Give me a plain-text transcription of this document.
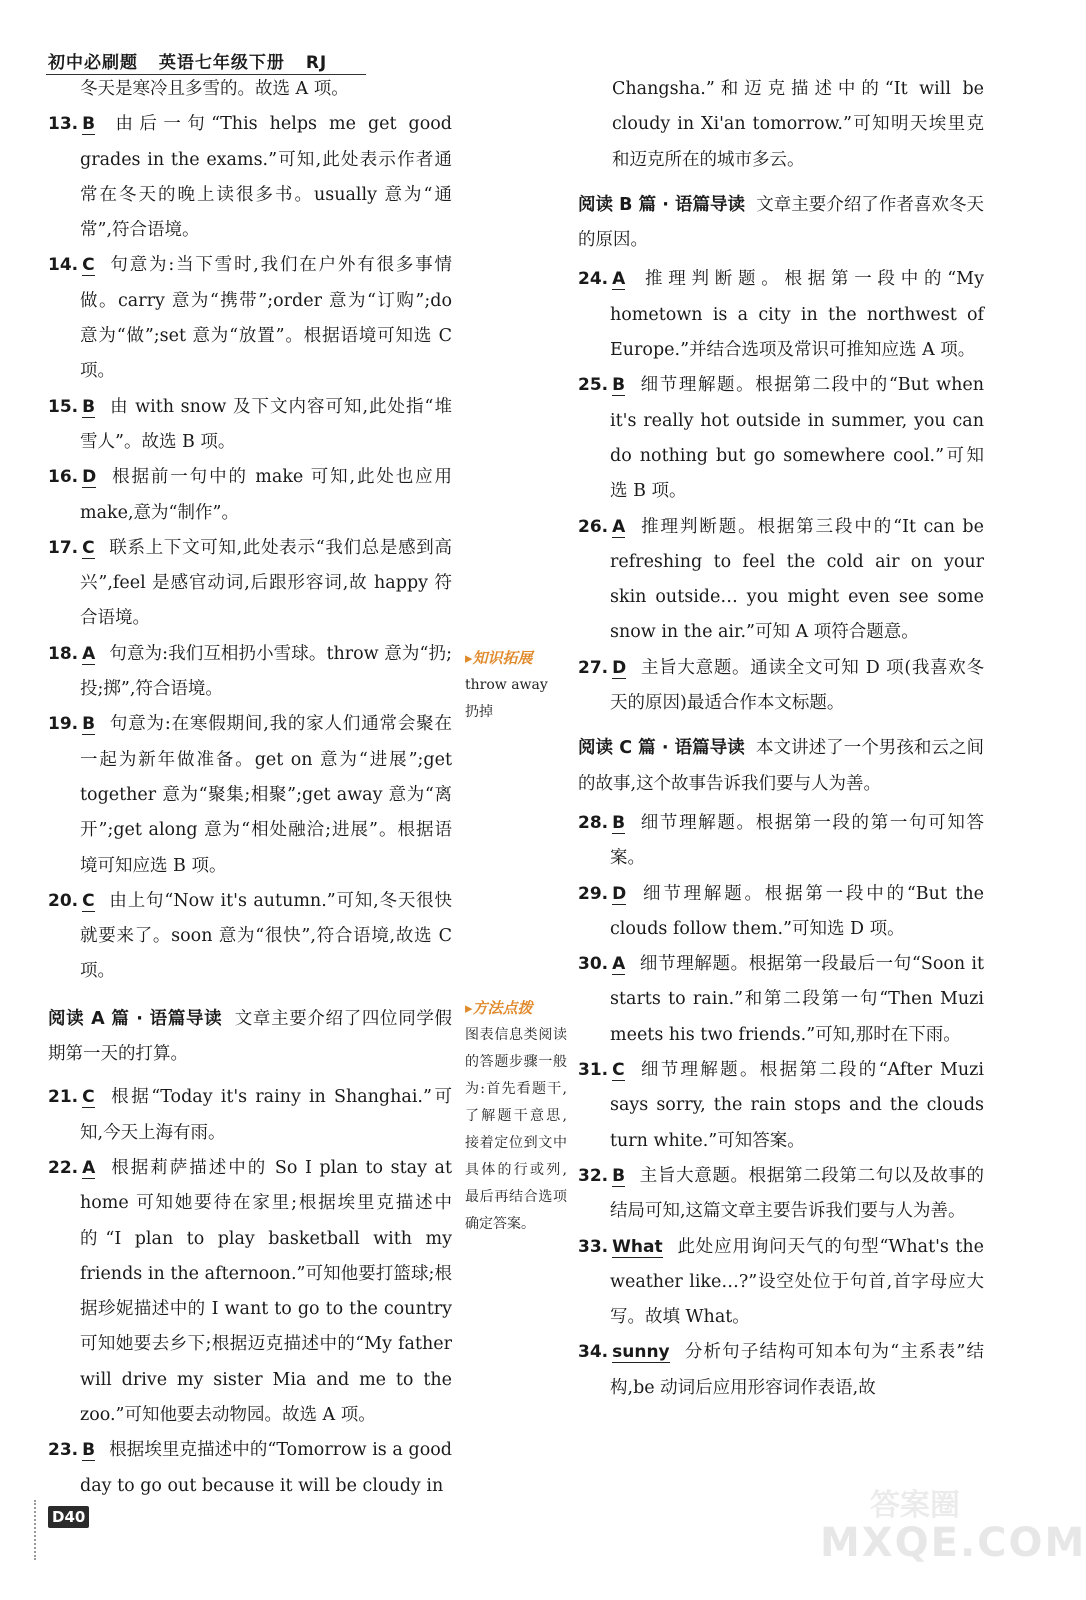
初中必刷题 英语七年级下册 RJ

冬天是寒冷且多雪的。故选 A 项。

13. B 由后一句“This helps me get good grades in the exams.”可知,此处表示作者通常在冬天的晚上读很多书。usually 意为“通常”,符合语境。

14. C 句意为:当下雪时,我们在户外有很多事情做。carry 意为“携带”;order 意为“订购”;do 意为“做”;set 意为“放置”。根据语境可知选 C 项。

15. B 由 with snow 及下文内容可知,此处指“堆雪人”。故选 B 项。

16. D 根据前一句中的 make 可知,此处也应用 make,意为“制作”。

17. C 联系上下文可知,此处表示“我们总是感到高兴”,feel 是感官动词,后跟形容词,故 happy 符合语境。

18. A 句意为:我们互相扔小雪球。throw 意为“扔;投;掷”,符合语境。

19. B 句意为:在寒假期间,我的家人们通常会聚在一起为新年做准备。get on 意为“进展”;get together 意为“聚集;相聚”;get away 意为“离开”;get along 意为“相处融洽;进展”。根据语境可知应选 B 项。

20. C 由上句“Now it's autumn.”可知,冬天很快就要来了。soon 意为“很快”,符合语境,故选 C 项。

阅读 A 篇 · 语篇导读 文章主要介绍了四位同学假期第一天的打算。

21. C 根据“Today it's rainy in Shanghai.”可知,今天上海有雨。

22. A 根据莉萨描述中的 So I plan to stay at home 可知她要待在家里;根据埃里克描述中的“I plan to play basketball with my friends in the afternoon.”可知他要打篮球;根据珍妮描述中的 I want to go to the country 可知她要去乡下;根据迈克描述中的“My father will drive my sister Mia and me to the zoo.”可知他要去动物园。故选 A 项。

23. B 根据埃里克描述中的“Tomorrow is a good day to go out because it will be cloudy in

▸知识拓展
throw away
扔掉
▸方法点拨
图表信息类阅读的答题步骤一般为:首先看题干,了解题干意思,接着定位到文中具体的行或列,最后再结合选项确定答案。

Changsha.”和迈克描述中的“It will be cloudy in Xi'an tomorrow.”可知明天埃里克和迈克所在的城市多云。

阅读 B 篇 · 语篇导读 文章主要介绍了作者喜欢冬天的原因。

24. A 推理判断题。根据第一段中的“My hometown is a city in the northwest of Europe.”并结合选项及常识可推知应选 A 项。

25. B 细节理解题。根据第二段中的“But when it's really hot outside in summer, you can do nothing but go somewhere cool.”可知选 B 项。

26. A 推理判断题。根据第三段中的“It can be refreshing to feel the cold air on your skin outside… you might even see some snow in the air.”可知 A 项符合题意。

27. D 主旨大意题。通读全文可知 D 项(我喜欢冬天的原因)最适合作本文标题。

阅读 C 篇 · 语篇导读 本文讲述了一个男孩和云之间的故事,这个故事告诉我们要与人为善。

28. B 细节理解题。根据第一段的第一句可知答案。

29. D 细节理解题。根据第一段中的“But the clouds follow them.”可知选 D 项。

30. A 细节理解题。根据第一段最后一句“Soon it starts to rain.”和第二段第一句“Then Muzi meets his two friends.”可知,那时在下雨。

31. C 细节理解题。根据第二段的“After Muzi says sorry, the rain stops and the clouds turn white.”可知答案。

32. B 主旨大意题。根据第二段第二句以及故事的结局可知,这篇文章主要告诉我们要与人为善。

33. What 此处应用询问天气的句型“What's the weather like…?”设空处位于句首,首字母应大写。故填 What。

34. sunny 分析句子结构可知本句为“主系表”结构,be 动词后应用形容词作表语,故

D40	答案圈
MXQE.COM
